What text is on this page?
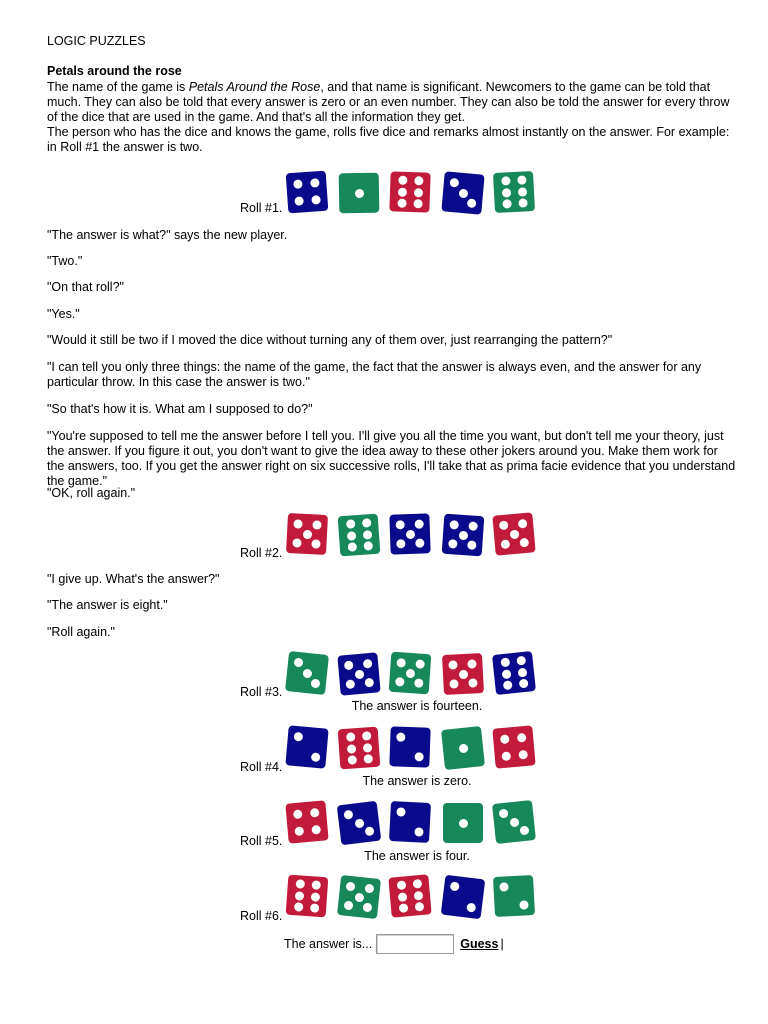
LOGIC PUZZLES
Petals around the rose
The name of the game is Petals Around the Rose, and that name is significant. Newcomers to the game can be told that much. They can also be told that every answer is zero or an even number. They can also be told the answer for every throw of the dice that are used in the game. And that's all the information they get.
The person who has the dice and knows the game, rolls five dice and remarks almost instantly on the answer. For example: in Roll #1 the answer is two.
Roll #1.
"The answer is what?" says the new player.
"Two."
"On that roll?"
"Yes."
"Would it still be two if I moved the dice without turning any of them over, just rearranging the pattern?"
"I can tell you only three things: the name of the game, the fact that the answer is always even, and the answer for any particular throw. In this case the answer is two."
"So that's how it is. What am I supposed to do?"
"You're supposed to tell me the answer before I tell you. I'll give you all the time you want, but don't tell me your theory, just the answer. If you figure it out, you don't want to give the idea away to these other jokers around you. Make them work for the answers, too. If you get the answer right on six successive rolls, I'll take that as prima facie evidence that you understand the game."
"OK, roll again."
Roll #2.
"I give up. What's the answer?"
"The answer is eight."
"Roll again."
Roll #3.
The answer is fourteen.
Roll #4.
The answer is zero.
Roll #5.
The answer is four.
Roll #6.
The answer is...	Guess |
